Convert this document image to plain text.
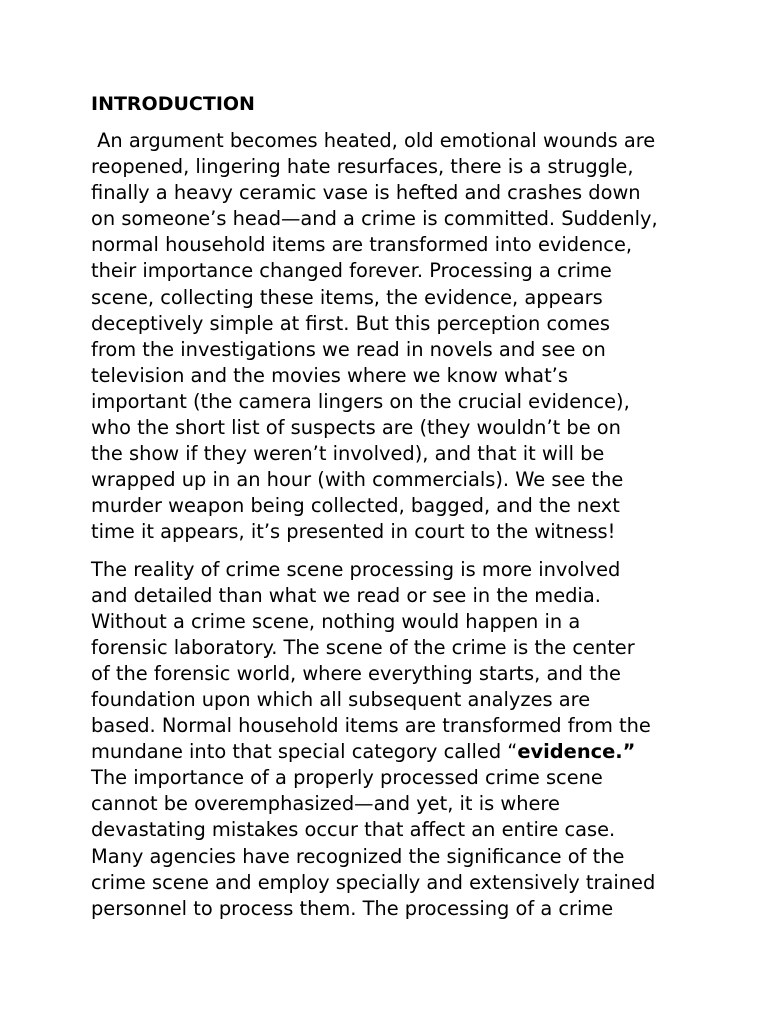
INTRODUCTION

An argument becomes heated, old emotional wounds are
reopened, lingering hate resurfaces, there is a struggle,
finally a heavy ceramic vase is hefted and crashes down
on someone’s head—and a crime is committed. Suddenly,
normal household items are transformed into evidence,
their importance changed forever. Processing a crime
scene, collecting these items, the evidence, appears
deceptively simple at first. But this perception comes
from the investigations we read in novels and see on
television and the movies where we know what’s
important (the camera lingers on the crucial evidence),
who the short list of suspects are (they wouldn’t be on
the show if they weren’t involved), and that it will be
wrapped up in an hour (with commercials). We see the
murder weapon being collected, bagged, and the next
time it appears, it’s presented in court to the witness!

The reality of crime scene processing is more involved
and detailed than what we read or see in the media.
Without a crime scene, nothing would happen in a
forensic laboratory. The scene of the crime is the center
of the forensic world, where everything starts, and the
foundation upon which all subsequent analyzes are
based. Normal household items are transformed from the
mundane into that special category called “evidence.”
The importance of a properly processed crime scene
cannot be overemphasized—and yet, it is where
devastating mistakes occur that affect an entire case.
Many agencies have recognized the significance of the
crime scene and employ specially and extensively trained
personnel to process them. The processing of a crime
